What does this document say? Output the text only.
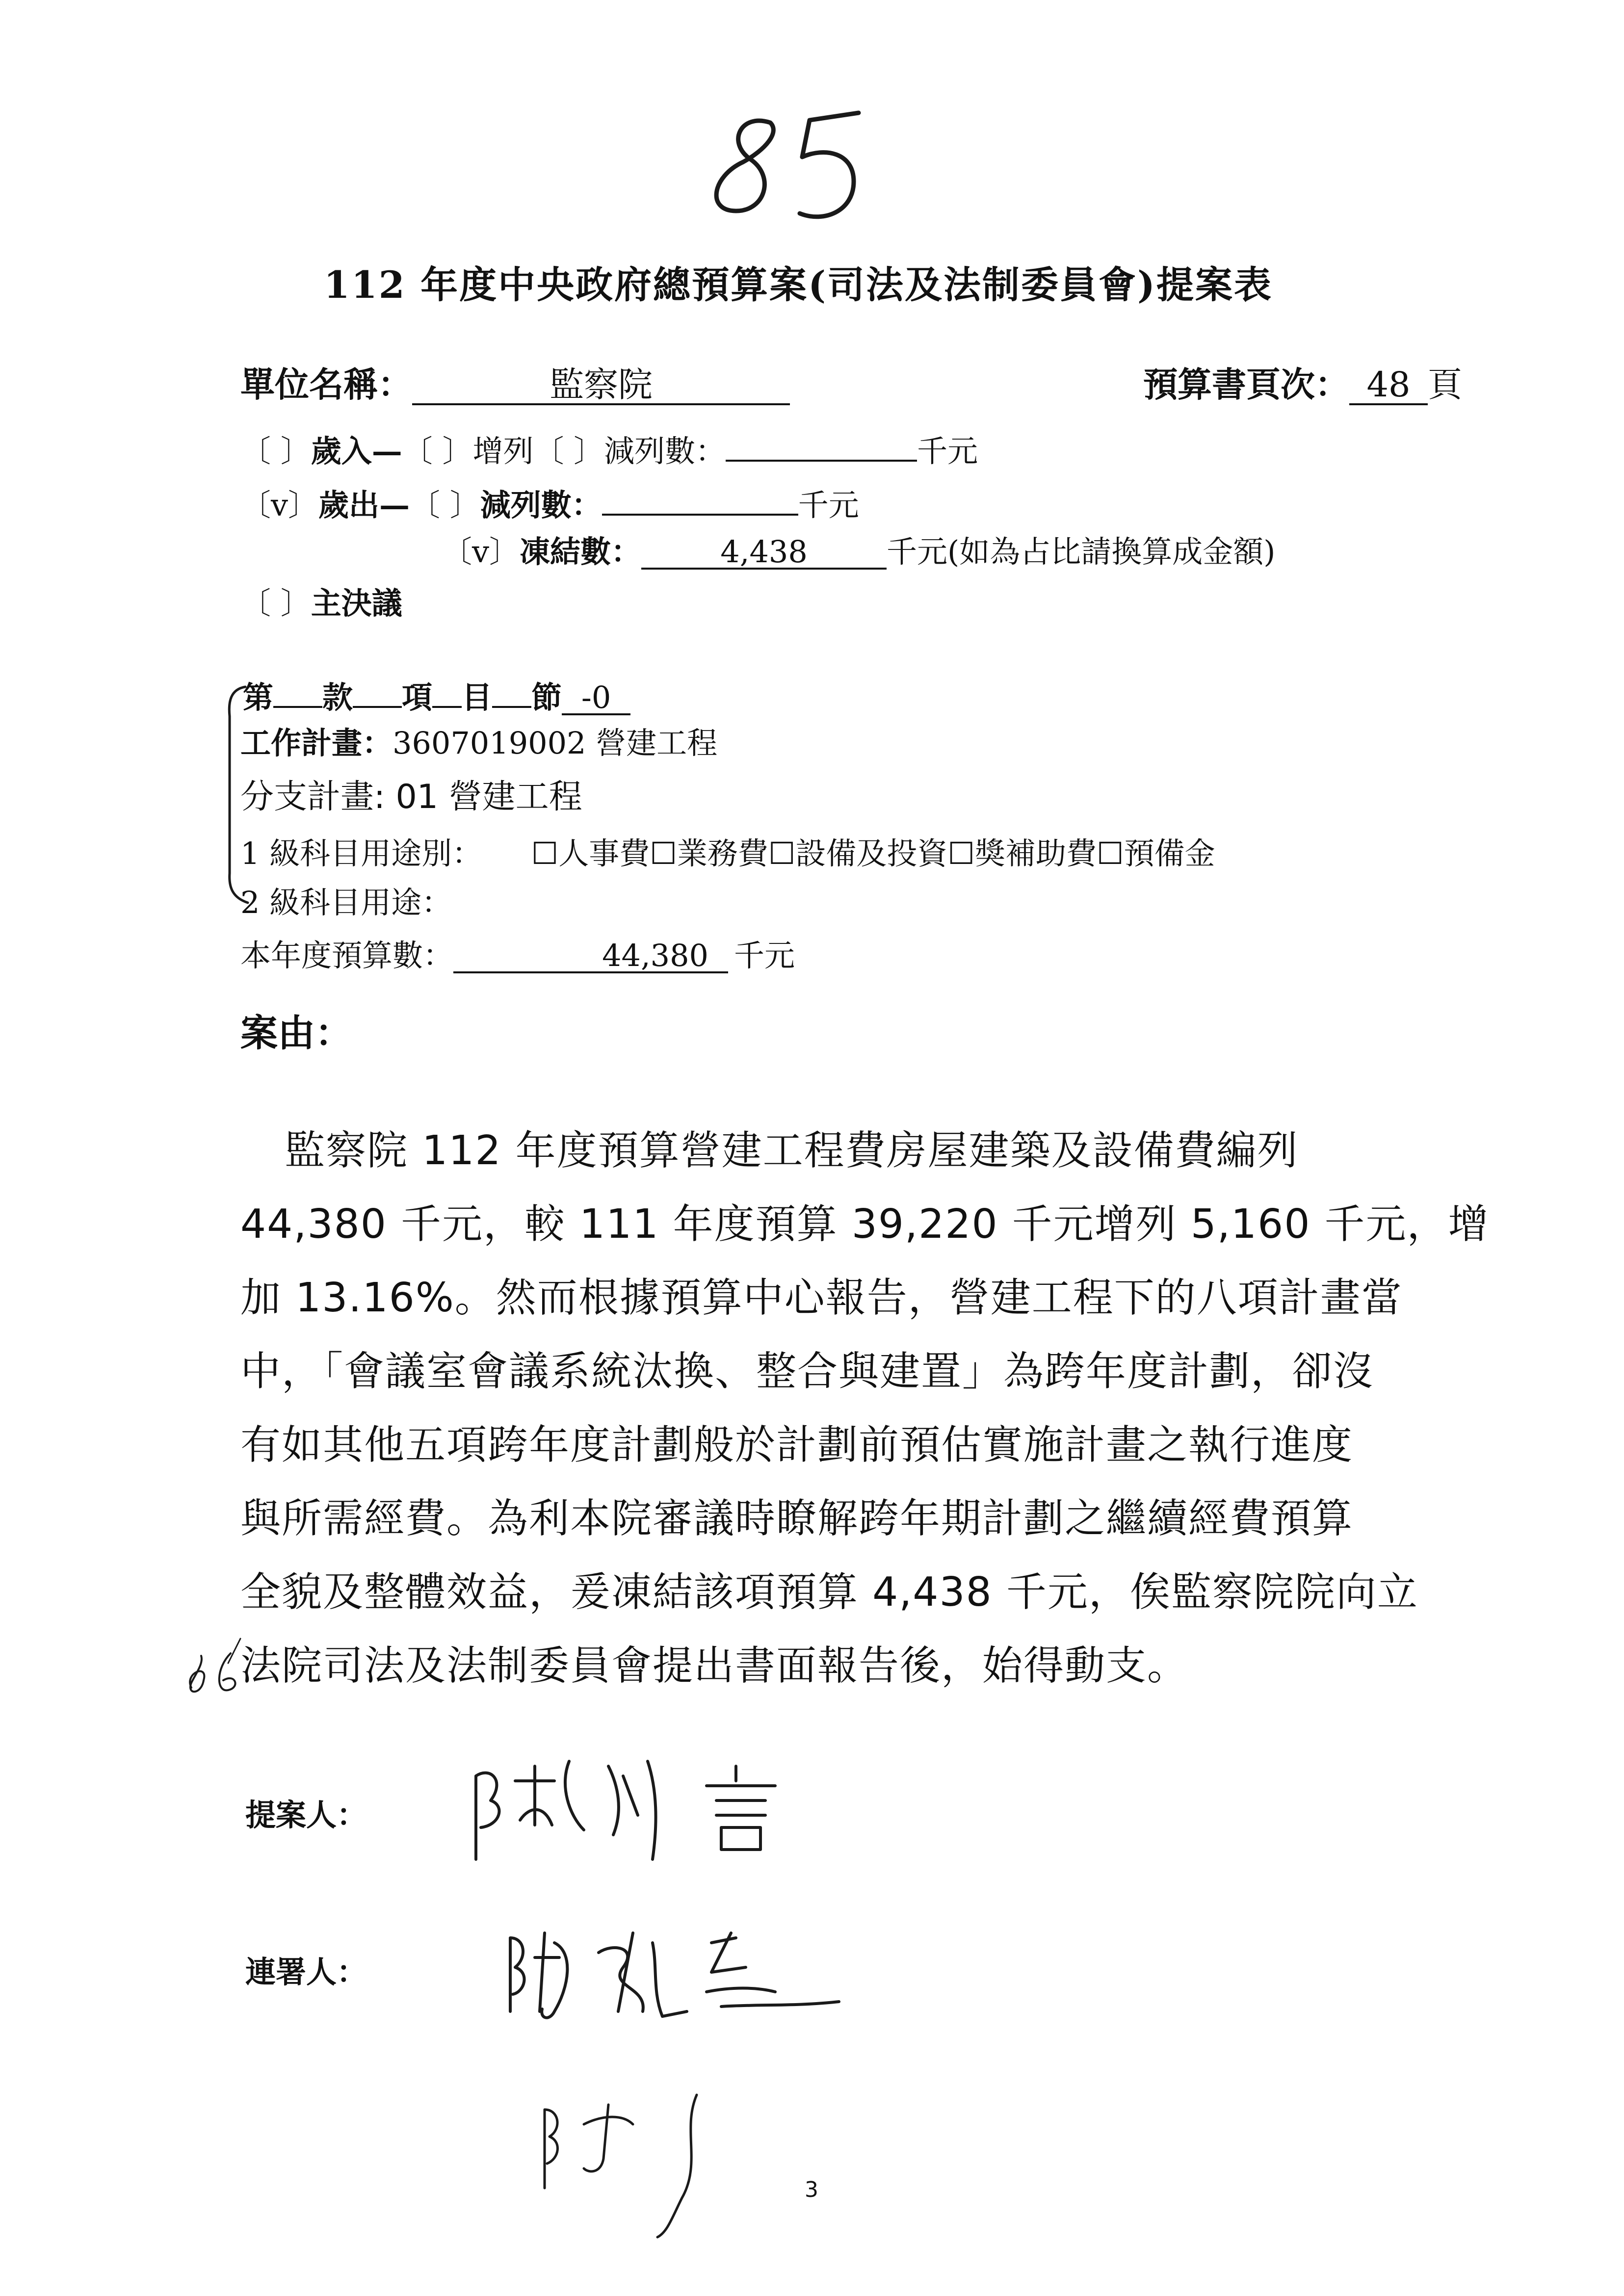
112 年度中央政府總預算案(司法及法制委員會)提案表
單位名稱：	監察院	預算書頁次： 48 頁
〔 〕歲入—〔 〕增列〔 〕減列數：	千元
〔v〕歲出—〔 〕減列數：	千元
〔v〕凍結數：	4,438	千元(如為占比請換算成金額)
〔 〕主決議
第 款 項 目 節 -0
工作計畫：3607019002 營建工程
分支計畫: 01 營建工程
1 級科目用途別： ☐人事費☐業務費☐設備及投資☐獎補助費☐預備金
2 級科目用途：
本年度預算數：	44,380 千元
案由：
監察院 112 年度預算營建工程費房屋建築及設備費編列
44,380 千元，較 111 年度預算 39,220 千元增列 5,160 千元，增
加 13.16%。然而根據預算中心報告，營建工程下的八項計畫當
中，「會議室會議系統汰換、整合與建置」為跨年度計劃，卻沒
有如其他五項跨年度計劃般於計劃前預估實施計畫之執行進度
與所需經費。為利本院審議時瞭解跨年期計劃之繼續經費預算
全貌及整體效益，爰凍結該項預算 4,438 千元，俟監察院院向立
法院司法及法制委員會提出書面報告後，始得動支。
提案人：
連署人：
3
